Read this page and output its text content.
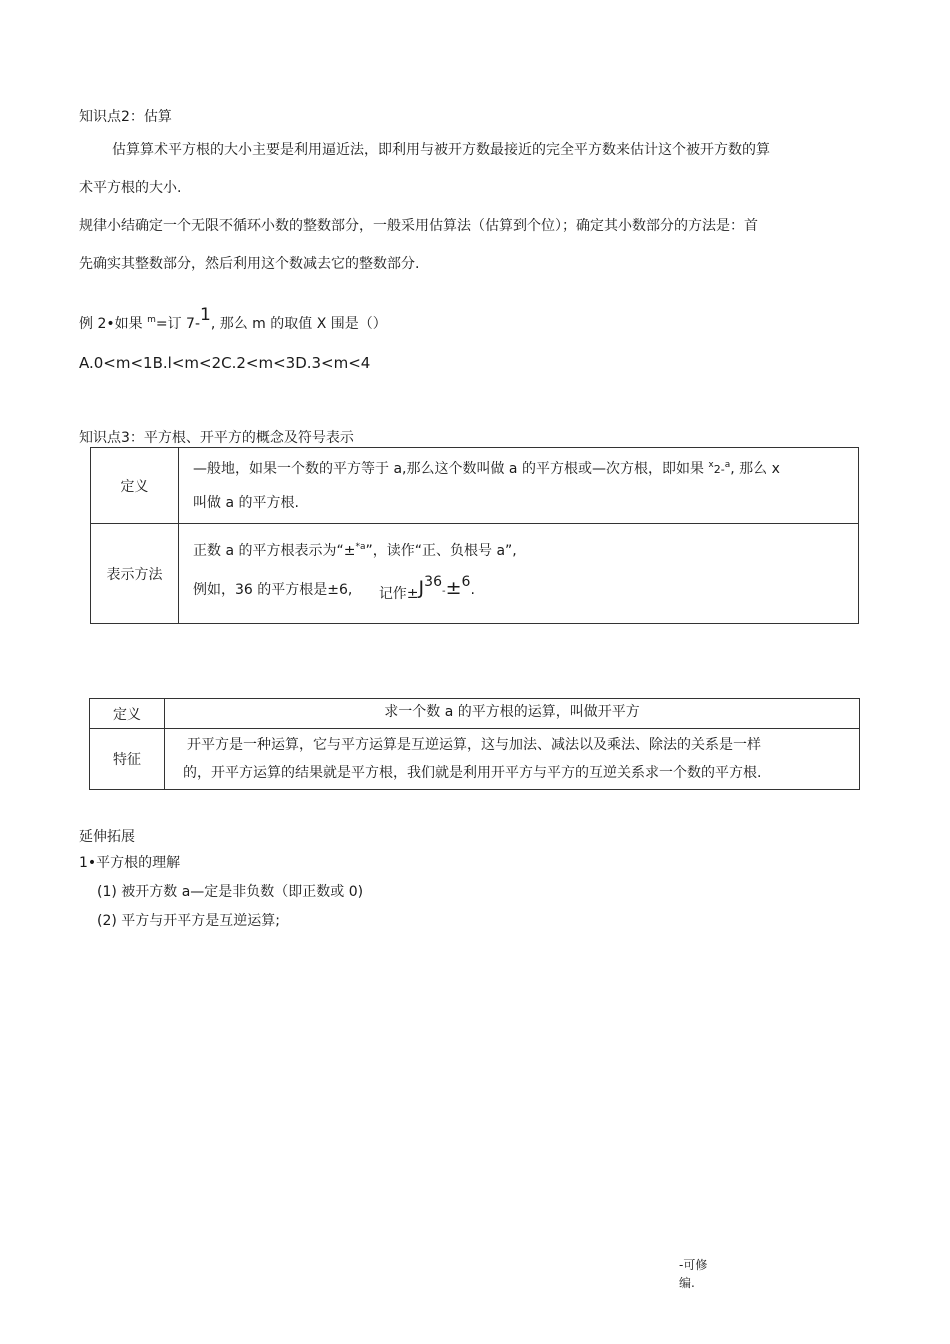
知识点2：估算
估算算术平方根的大小主要是利用逼近法，即利用与被开方数最接近的完全平方数来估计这个被开方数的算
术平方根的大小.
规律小结确定一个无限不循环小数的整数部分，一般采用估算法（估算到个位）；确定其小数部分的方法是：首
先确实其整数部分，然后利用这个数减去它的整数部分.
例 2•如果 $^m$=订 7-1, 那么 m 的取值 X 围是（）
A.0<m<1B.l<m<2C.2<m<3D.3<m<4
知识点3：平方根、开平方的概念及符号表示
定义	—般地，如果一个数的平方等于 a,那么这个数叫做 a 的平方根或—次方根，即如果 $^x$2-$^a$, 那么 x
叫做 a 的平方根.

表示方法	正数 a 的平方根表示为“±$^{*a}$”，读作“正、负根号 a”,
例如，36 的平方根是±6, 记作±J36-±6.
定义	求一个数 a 的平方根的运算，叫做开平方
特征	开平方是一种运算，它与平方运算是互逆运算，这与加法、减法以及乘法、除法的关系是一样
的，开平方运算的结果就是平方根，我们就是利用开平方与平方的互逆关系求一个数的平方根.
延伸拓展
1•平方根的理解
(1) 被开方数 a—定是非负数（即正数或 0)
(2) 平方与开平方是互逆运算;
-可修
编.
